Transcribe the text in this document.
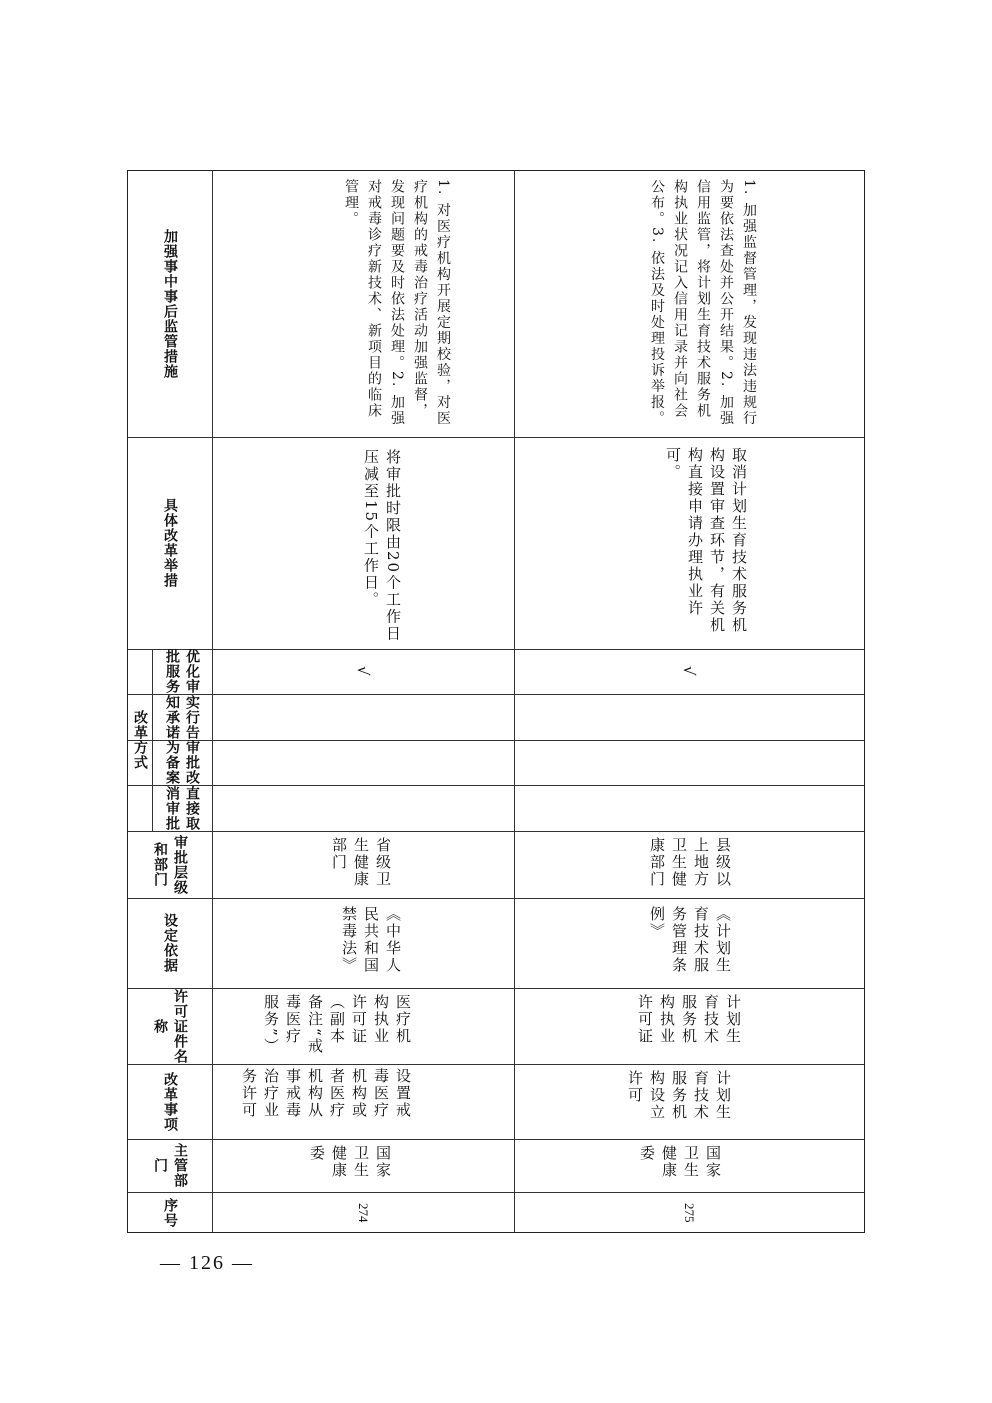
加强事中事后监管措施
具体改革举措
改革方式
优化审批服务
实行告知承诺
审批改为备案
直接取消审批
审批层级和部门
设定依据
许可证件名称
改革事项
主管部门
序号
1. 对医疗机构开展定期校验，对医疗机构的戒毒治疗活动加强监督，发现问题要及时依法处理。2. 加强对戒毒诊疗新技术、新项目的临床管理。
将审批时限由20个工作日压减至15个工作日。
√
省级卫生健康部门
《中华人民共和国禁毒法》
医疗机构执业许可证（副本备注“戒毒医疗服务”）
设置戒毒医疗机构或者医疗机构从事戒毒治疗业务许可
国家卫生健康委
274
1. 加强监督管理，发现违法违规行为要依法查处并公开结果。2. 加强信用监管，将计划生育技术服务机构执业状况记入信用记录并向社会公布。3. 依法及时处理投诉举报。
取消计划生育技术服务机构设置审查环节，有关机构直接申请办理执业许可。
√
县级以上地方卫生健康部门
《计划生育技术服务管理条例》
计划生育技术服务机构执业许可证
计划生育技术服务机构设立许可
国家卫生健康委
275
— 126 —
